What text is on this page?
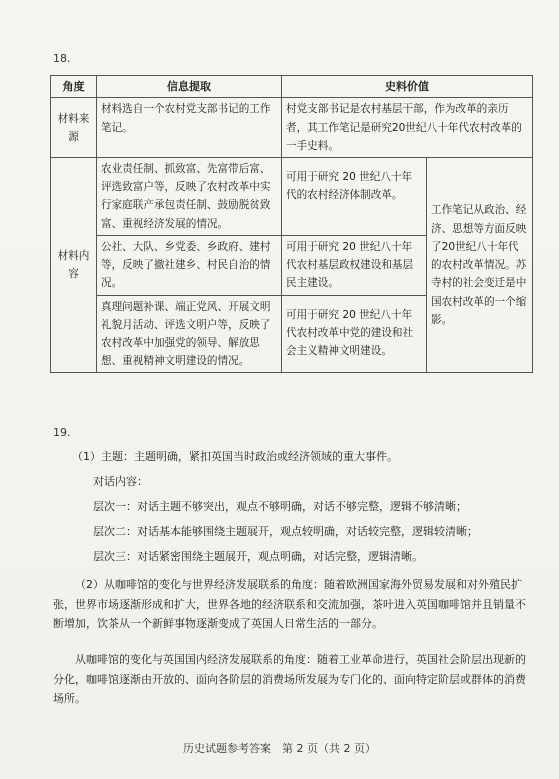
18.
角度	信息提取	史料价值	
材料来源	材料选自一个农村党支部书记的工作笔记。	村党支部书记是农村基层干部，作为改革的亲历者，其工作笔记是研究20世纪八十年代农村改革的一手史料。	
材料内容	农业责任制、抓致富、先富带后富、评选致富户等，反映了农村改革中实行家庭联产承包责任制、鼓励脱贫致富、重视经济发展的情况。	可用于研究 20 世纪八十年代的农村经济体制改革。	工作笔记从政治、经济、思想等方面反映了20世纪八十年代的农村改革情况。苏寺村的社会变迁是中国农村改革的一个缩影。
	公社、大队、乡党委、乡政府、建村等，反映了撤社建乡、村民自治的情况。	可用于研究 20 世纪八十年代农村基层政权建设和基层民主建设。	
	真理问题补课、端正党风、开展文明礼貌月活动、评选文明户等，反映了农村改革中加强党的领导、解放思想、重视精神文明建设的情况。	可用于研究 20 世纪八十年代农村改革中党的建设和社会主义精神文明建设。	
19.
（1）主题：主题明确，紧扣英国当时政治或经济领域的重大事件。
对话内容：
层次一：对话主题不够突出，观点不够明确，对话不够完整，逻辑不够清晰；
层次二：对话基本能够围绕主题展开，观点较明确，对话较完整，逻辑较清晰；
层次三：对话紧密围绕主题展开，观点明确，对话完整，逻辑清晰。
（2）从咖啡馆的变化与世界经济发展联系的角度：随着欧洲国家海外贸易发展和对外殖民扩张，世界市场逐渐形成和扩大，世界各地的经济联系和交流加强，茶叶进入英国咖啡馆并且销量不断增加，饮茶从一个新鲜事物逐渐变成了英国人日常生活的一部分。
从咖啡馆的变化与英国国内经济发展联系的角度：随着工业革命进行，英国社会阶层出现新的分化，咖啡馆逐渐由开放的、面向各阶层的消费场所发展为专门化的、面向特定阶层或群体的消费场所。
历史试题参考答案　第 2 页（共 2 页）
